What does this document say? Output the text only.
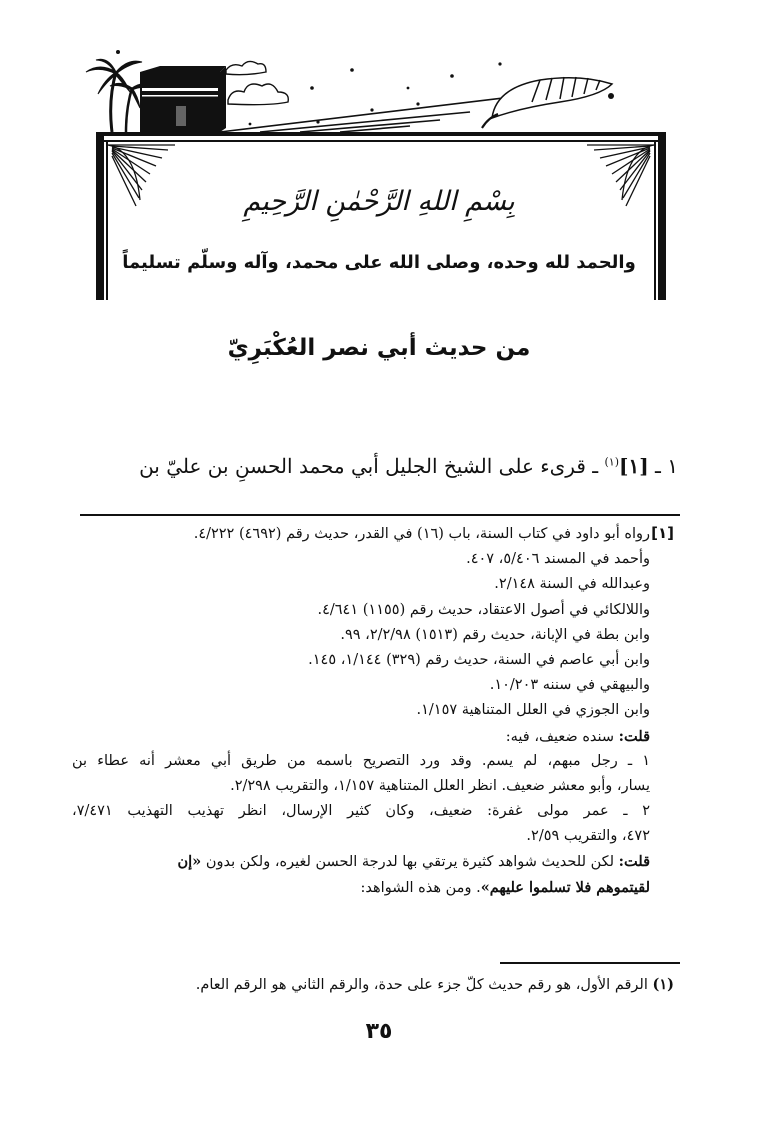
بِسْمِ اللهِ الرَّحْمٰنِ الرَّحِيمِ
والحمد لله وحده، وصلى الله على محمد، وآله وسلّم تسليماً
من حديث أبي نصر العُكْبَرِيّ
١ ـ [١]$^{(١)}$ ـ قرىء على الشيخ الجليل أبي محمد الحسنِ بن عليّ بن
[١]
رواه أبو داود في كتاب السنة، باب (١٦) في القدر، حديث رقم (٤٦٩٢) ٤/٢٢٢.
وأحمد في المسند ٥/٤٠٦، ٤٠٧.
وعبدالله في السنة ٢/١٤٨.
واللالكائي في أصول الاعتقاد، حديث رقم (١١٥٥) ٤/٦٤١.
وابن بطة في الإبانة، حديث رقم (١٥١٣) ٢/٢/٩٨، ٩٩.
وابن أبي عاصم في السنة، حديث رقم (٣٢٩) ١/١٤٤، ١٤٥.
والبيهقي في سننه ١٠/٢٠٣.
وابن الجوزي في العلل المتناهية ١/١٥٧.
قلت: سنده ضعيف، فيه:
١ ـ رجل مبهم، لم يسم. وقد ورد التصريح باسمه من طريق أبي معشر أنه عطاء بن
يسار، وأبو معشر ضعيف. انظر العلل المتناهية ١/١٥٧، والتقريب ٢/٢٩٨.
٢ ـ عمر مولى غفرة: ضعيف، وكان كثير الإرسال، انظر تهذيب التهذيب ٧/٤٧١،
٤٧٢، والتقريب ٢/٥٩.
قلت: لكن للحديث شواهد كثيرة يرتقي بها لدرجة الحسن لغيره، ولكن بدون «إن
لقيتموهم فلا تسلموا عليهم». ومن هذه الشواهد:
(١) الرقم الأول، هو رقم حديث كلّ جزء على حدة، والرقم الثاني هو الرقم العام.
٣٥
